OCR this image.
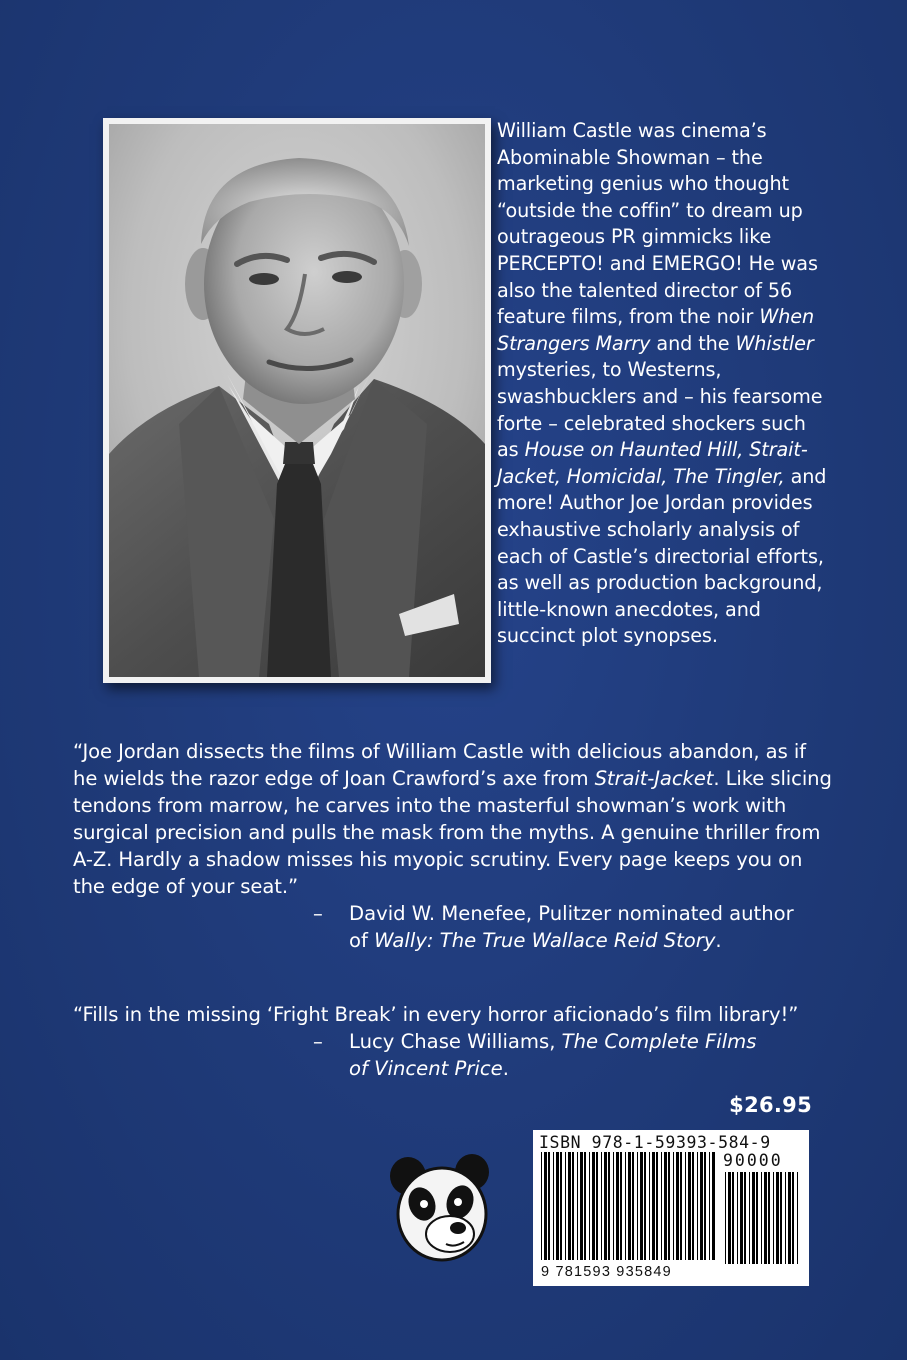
William Castle was cinema’s Abominable Showman – the marketing genius who thought “outside the coffin” to dream up outrageous PR gimmicks like PERCEPTO! and EMERGO! He was also the talented director of 56 feature films, from the noir When Strangers Marry and the Whistler mysteries, to Westerns, swashbucklers and – his fearsome forte – celebrated shockers such as House on Haunted Hill, Strait-Jacket, Homicidal, The Tingler, and more! Author Joe Jordan provides exhaustive scholarly analysis of each of Castle’s directorial efforts, as well as production background, little-known anecdotes, and succinct plot synopses.

“Joe Jordan dissects the films of William Castle with delicious abandon, as if he wields the razor edge of Joan Crawford’s axe from Strait-Jacket. Like slicing tendons from marrow, he carves into the masterful showman’s work with surgical precision and pulls the mask from the myths. A genuine thriller from A-Z. Hardly a shadow misses his myopic scrutiny. Every page keeps you on the edge of your seat.”
– David W. Menefee, Pulitzer nominated author
of Wally: The True Wallace Reid Story.
“Fills in the missing ‘Fright Break’ in every horror aficionado’s film library!”
– Lucy Chase Williams, The Complete Films
of Vincent Price.
$26.95
ISBN 978-1-59393-584-9
90000
9 781593 935849
